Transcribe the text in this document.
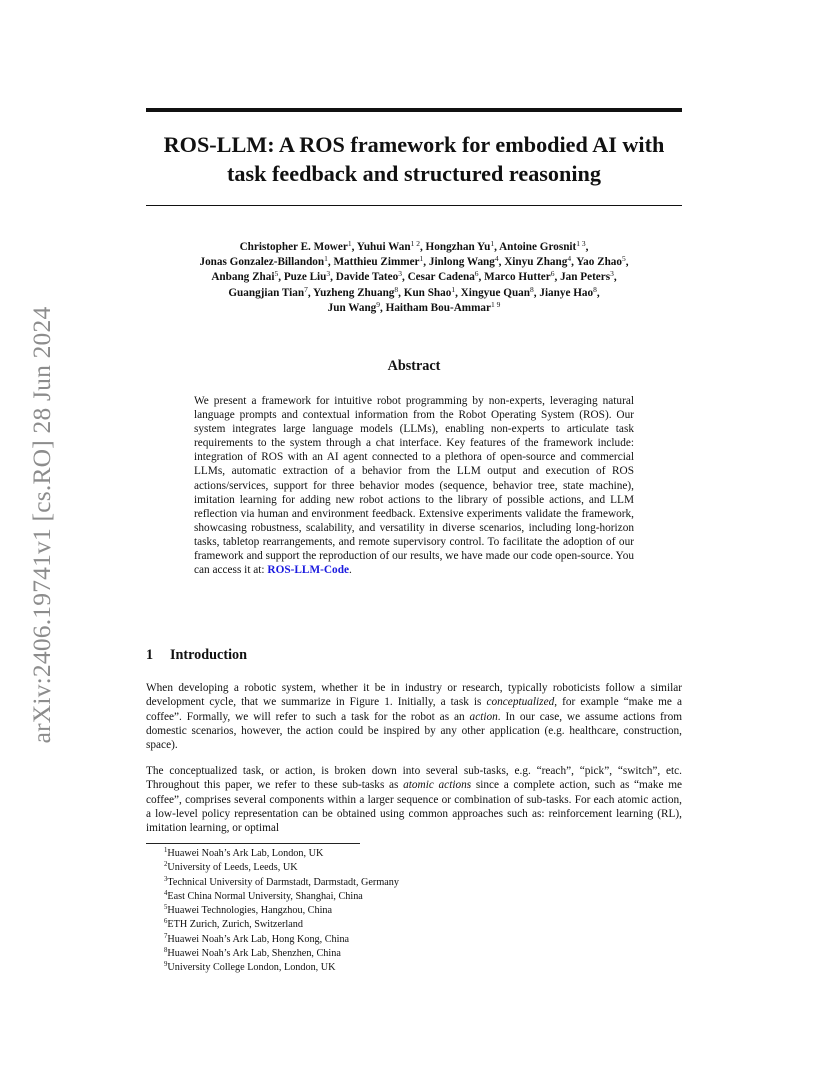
arXiv:2406.19741v1 [cs.RO] 28 Jun 2024
ROS-LLM: A ROS framework for embodied AI with
task feedback and structured reasoning
Christopher E. Mower$^1$, Yuhui Wan$^{1 2}$, Hongzhan Yu$^1$, Antoine Grosnit$^{1 3}$,
Jonas Gonzalez-Billandon$^1$, Matthieu Zimmer$^1$, Jinlong Wang$^4$, Xinyu Zhang$^4$, Yao Zhao$^5$,
Anbang Zhai$^5$, Puze Liu$^3$, Davide Tateo$^3$, Cesar Cadena$^6$, Marco Hutter$^6$, Jan Peters$^3$,
Guangjian Tian$^7$, Yuzheng Zhuang$^8$, Kun Shao$^1$, Xingyue Quan$^8$, Jianye Hao$^8$,
Jun Wang$^9$, Haitham Bou-Ammar$^{1 9}$
Abstract

We present a framework for intuitive robot programming by non-experts, leveraging natural language prompts and contextual information from the Robot Operating System (ROS). Our system integrates large language models (LLMs), enabling non-experts to articulate task requirements to the system through a chat interface. Key features of the framework include: integration of ROS with an AI agent connected to a plethora of open-source and commercial LLMs, automatic extraction of a behavior from the LLM output and execution of ROS actions/services, support for three behavior modes (sequence, behavior tree, state machine), imitation learning for adding new robot actions to the library of possible actions, and LLM reflection via human and environment feedback. Extensive experiments validate the framework, showcasing robustness, scalability, and versatility in diverse scenarios, including long-horizon tasks, tabletop rearrangements, and remote supervisory control. To facilitate the adoption of our framework and support the reproduction of our results, we have made our code open-source. You can access it at: ROS-LLM-Code.

1 Introduction

When developing a robotic system, whether it be in industry or research, typically roboticists follow a similar development cycle, that we summarize in Figure 1. Initially, a task is conceptualized, for example “make me a coffee”. Formally, we will refer to such a task for the robot as an action. In our case, we assume actions from domestic scenarios, however, the action could be inspired by any other application (e.g. healthcare, construction, space).

The conceptualized task, or action, is broken down into several sub-tasks, e.g. “reach”, “pick”, “switch”, etc. Throughout this paper, we refer to these sub-tasks as atomic actions since a complete action, such as “make me coffee”, comprises several components within a larger sequence or combination of sub-tasks. For each atomic action, a low-level policy representation can be obtained using common approaches such as: reinforcement learning (RL), imitation learning, or optimal

$^1$Huawei Noah’s Ark Lab, London, UK
$^2$University of Leeds, Leeds, UK
$^3$Technical University of Darmstadt, Darmstadt, Germany
$^4$East China Normal University, Shanghai, China
$^5$Huawei Technologies, Hangzhou, China
$^6$ETH Zurich, Zurich, Switzerland
$^7$Huawei Noah’s Ark Lab, Hong Kong, China
$^8$Huawei Noah’s Ark Lab, Shenzhen, China
$^9$University College London, London, UK
